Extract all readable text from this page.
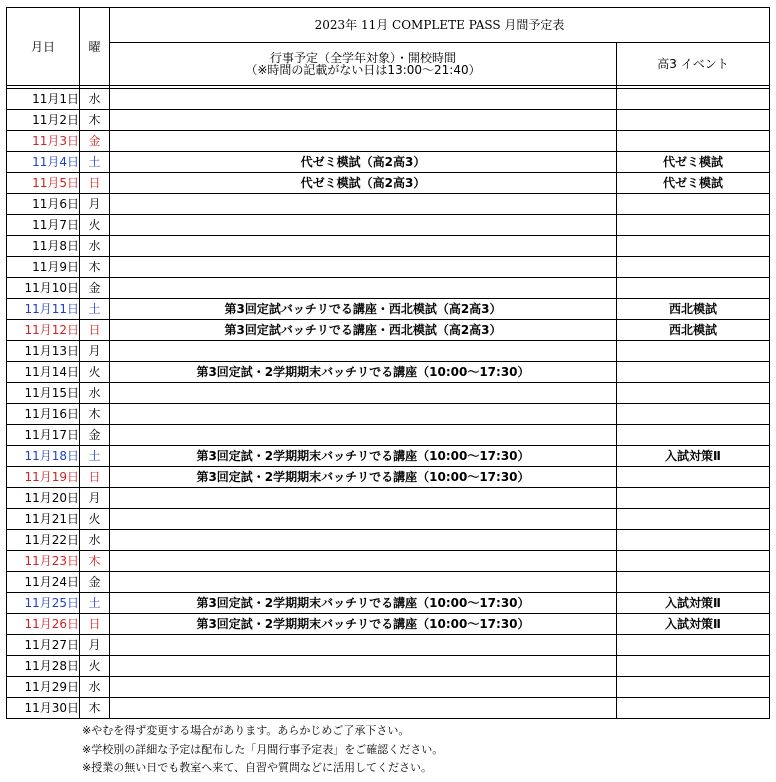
月日	曜	2023年 11月 COMPLETE PASS 月間予定表	

		行事予定（全学年対象）・開校時間
（※時間の記載がない日は13:00～21:40）	高3 イベント

11月1日	水		
11月2日	木		
11月3日	金		
11月4日	土	代ゼミ模試（高2高3）	代ゼミ模試
11月5日	日	代ゼミ模試（高2高3）	代ゼミ模試
11月6日	月		
11月7日	火		
11月8日	水		
11月9日	木		
11月10日	金		
11月11日	土	第3回定試バッチリでる講座・西北模試（高2高3）	西北模試
11月12日	日	第3回定試バッチリでる講座・西北模試（高2高3）	西北模試
11月13日	月		
11月14日	火	第3回定試・2学期期末バッチリでる講座（10:00～17:30）	
11月15日	水		
11月16日	木		
11月17日	金		
11月18日	土	第3回定試・2学期期末バッチリでる講座（10:00～17:30）	入試対策Ⅱ
11月19日	日	第3回定試・2学期期末バッチリでる講座（10:00～17:30）	
11月20日	月		
11月21日	火		
11月22日	水		
11月23日	木		
11月24日	金		
11月25日	土	第3回定試・2学期期末バッチリでる講座（10:00～17:30）	入試対策Ⅱ
11月26日	日	第3回定試・2学期期末バッチリでる講座（10:00～17:30）	入試対策Ⅱ
11月27日	月		
11月28日	火		
11月29日	水		
11月30日	木		
※やむを得ず変更する場合があります。あらかじめご了承下さい。
※学校別の詳細な予定は配布した「月間行事予定表」をご確認ください。
※授業の無い日でも教室へ来て、自習や質問などに活用してください。
